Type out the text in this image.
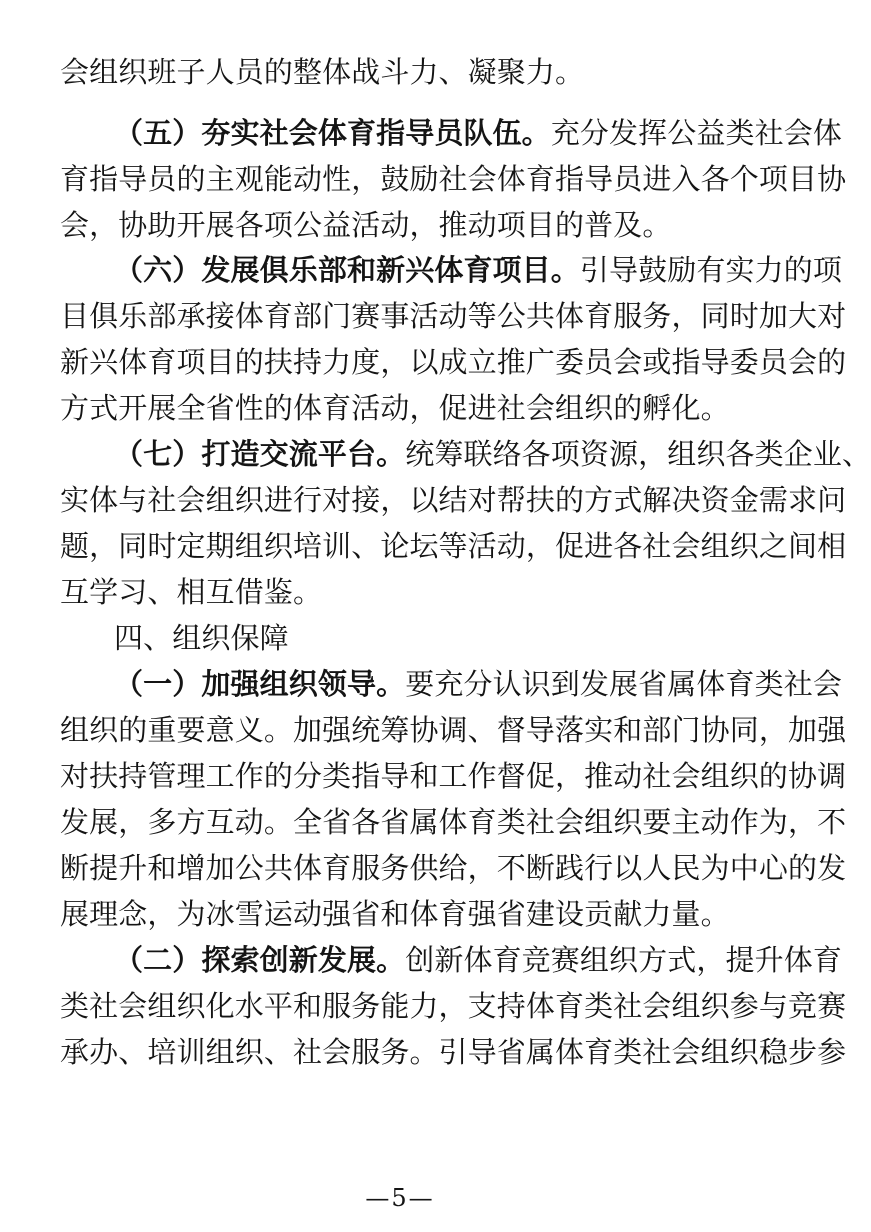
会组织班子人员的整体战斗力、凝聚力。
（五）夯实社会体育指导员队伍。充分发挥公益类社会体
育指导员的主观能动性，鼓励社会体育指导员进入各个项目协
会，协助开展各项公益活动，推动项目的普及。
（六）发展俱乐部和新兴体育项目。引导鼓励有实力的项
目俱乐部承接体育部门赛事活动等公共体育服务，同时加大对
新兴体育项目的扶持力度，以成立推广委员会或指导委员会的
方式开展全省性的体育活动，促进社会组织的孵化。
（七）打造交流平台。统筹联络各项资源，组织各类企业、
实体与社会组织进行对接，以结对帮扶的方式解决资金需求问
题，同时定期组织培训、论坛等活动，促进各社会组织之间相
互学习、相互借鉴。
四、组织保障
（一）加强组织领导。要充分认识到发展省属体育类社会
组织的重要意义。加强统筹协调、督导落实和部门协同，加强
对扶持管理工作的分类指导和工作督促，推动社会组织的协调
发展，多方互动。全省各省属体育类社会组织要主动作为，不
断提升和增加公共体育服务供给，不断践行以人民为中心的发
展理念，为冰雪运动强省和体育强省建设贡献力量。
（二）探索创新发展。创新体育竞赛组织方式，提升体育
类社会组织化水平和服务能力，支持体育类社会组织参与竞赛
承办、培训组织、社会服务。引导省属体育类社会组织稳步参
—5—
